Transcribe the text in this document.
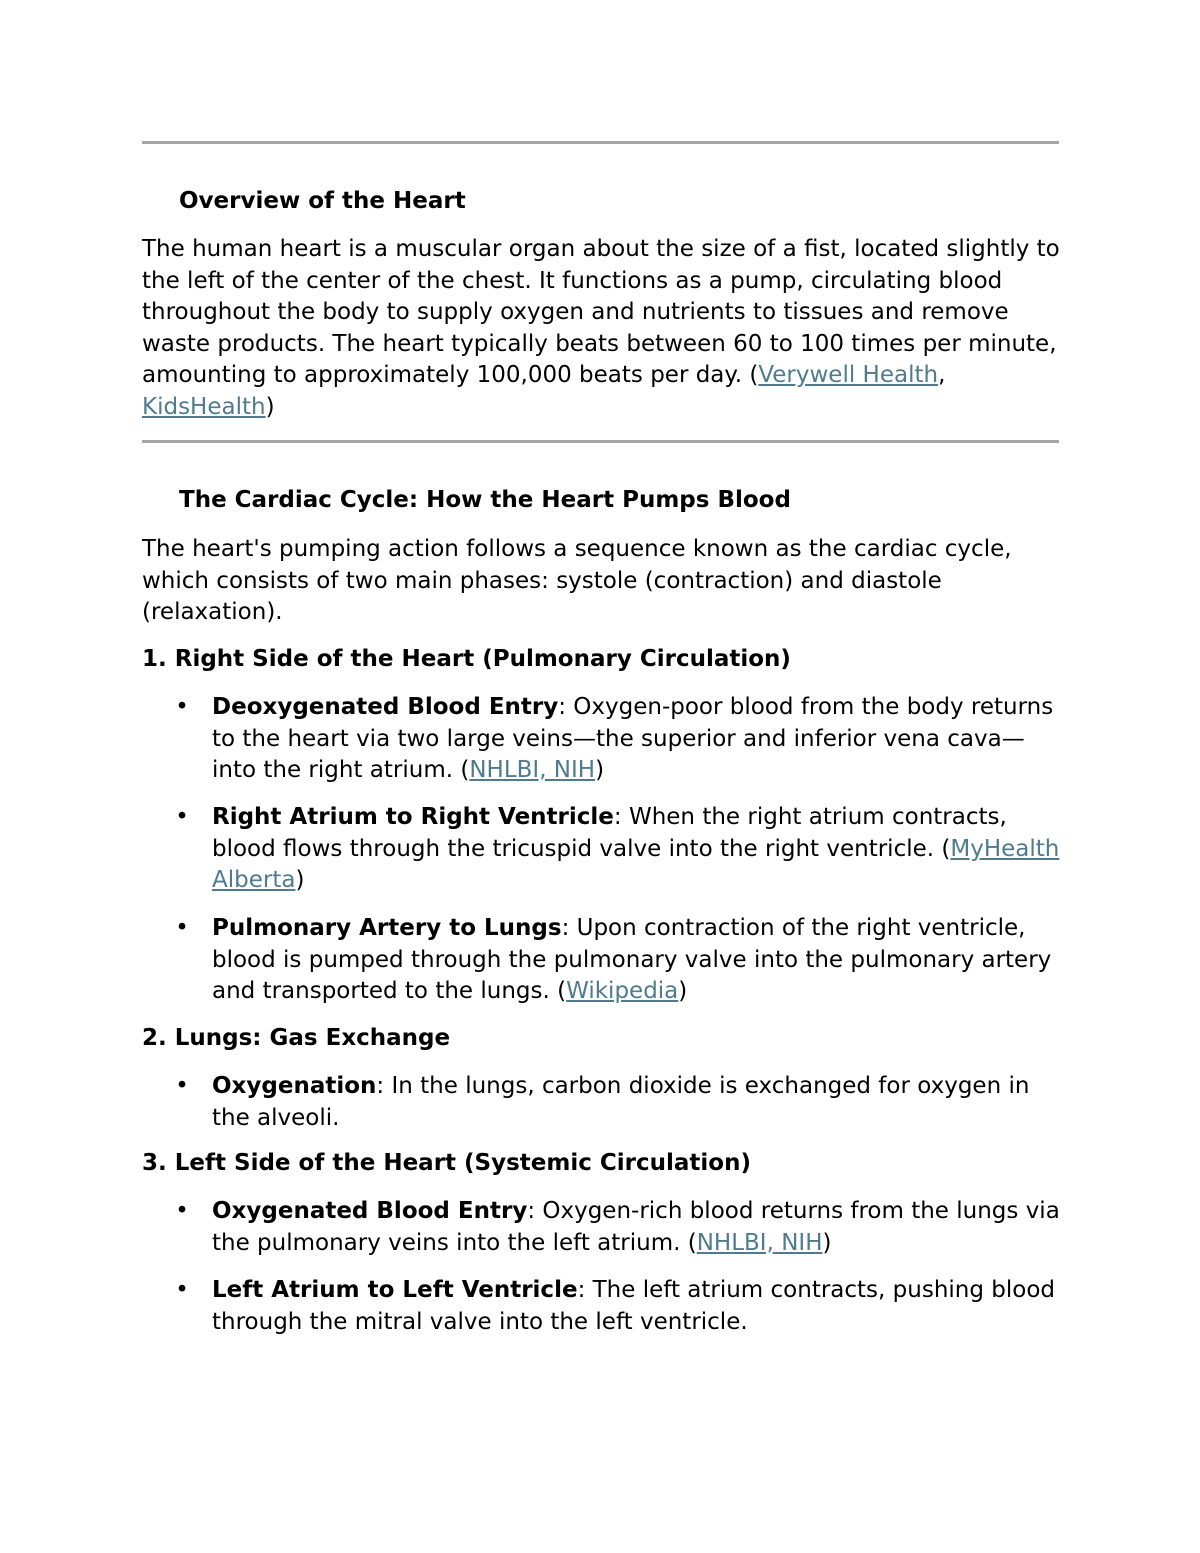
Overview of the Heart
The human heart is a muscular organ about the size of a fist, located slightly to the left of the center of the chest. It functions as a pump, circulating blood throughout the body to supply oxygen and nutrients to tissues and remove waste products. The heart typically beats between 60 to 100 times per minute, amounting to approximately 100,000 beats per day. (Verywell Health, KidsHealth)
The Cardiac Cycle: How the Heart Pumps Blood
The heart's pumping action follows a sequence known as the cardiac cycle, which consists of two main phases: systole (contraction) and diastole (relaxation).
1. Right Side of the Heart (Pulmonary Circulation)
• Deoxygenated Blood Entry: Oxygen-poor blood from the body returns to the heart via two large veins—the superior and inferior vena cava—into the right atrium. (NHLBI, NIH)
• Right Atrium to Right Ventricle: When the right atrium contracts, blood flows through the tricuspid valve into the right ventricle. (MyHealth Alberta)
• Pulmonary Artery to Lungs: Upon contraction of the right ventricle, blood is pumped through the pulmonary valve into the pulmonary artery and transported to the lungs. (Wikipedia)
2. Lungs: Gas Exchange
• Oxygenation: In the lungs, carbon dioxide is exchanged for oxygen in the alveoli.
3. Left Side of the Heart (Systemic Circulation)
• Oxygenated Blood Entry: Oxygen-rich blood returns from the lungs via the pulmonary veins into the left atrium. (NHLBI, NIH)
• Left Atrium to Left Ventricle: The left atrium contracts, pushing blood through the mitral valve into the left ventricle.
